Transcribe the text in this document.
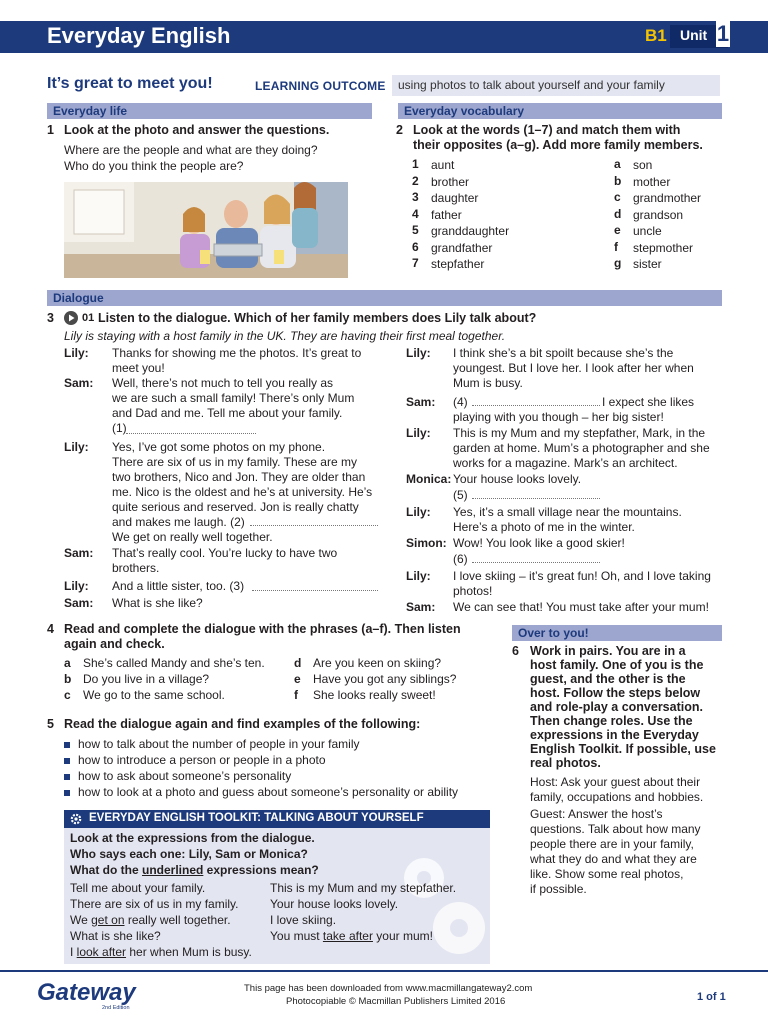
Everyday English	B1 Unit 1
It’s great to meet you!	LEARNING OUTCOME	using photos to talk about yourself and your family
Everyday life	Everyday vocabulary
1 Look at the photo and answer the questions.
Where are the people and what are they doing?
Who do you think the people are?
2 Look at the words (1–7) and match them with
their opposites (a–g). Add more family members.
1 aunt	a son
2 brother	b mother
3 daughter	c grandmother
4 father	d grandson
5 granddaughter	e uncle
6 grandfather	f stepmother
7 stepfather	g sister
Dialogue
3	01 Listen to the dialogue. Which of her family members does Lily talk about?
Lily is staying with a host family in the UK. They are having their first meal together.
Lily: Thanks for showing me the photos. It’s great to
meet you!
Sam: Well, there’s not much to tell you really as
we are such a small family! There’s only Mum
and Dad and me. Tell me about your family.
(1)
Lily: Yes, I’ve got some photos on my phone.
There are six of us in my family. These are my
two brothers, Nico and Jon. They are older than
me. Nico is the oldest and he’s at university. He’s
quite serious and reserved. Jon is really chatty
and makes me laugh. (2)
We get on really well together.
Sam: That’s really cool. You’re lucky to have two
brothers.
Lily: And a little sister, too. (3)
Sam: What is she like?
Lily: I think she’s a bit spoilt because she’s the
youngest. But I love her. I look after her when
Mum is busy.
Sam: (4)	I expect she likes
playing with you though – her big sister!
Lily: This is my Mum and my stepfather, Mark, in the
garden at home. Mum’s a photographer and she
works for a magazine. Mark’s an architect.
Monica: Your house looks lovely.
(5)
Lily: Yes, it’s a small village near the mountains.
Here’s a photo of me in the winter.
Simon: Wow! You look like a good skier!
(6)
Lily: I love skiing – it’s great fun! Oh, and I love taking
photos!
Sam: We can see that! You must take after your mum!
4 Read and complete the dialogue with the phrases (a–f). Then listen
again and check.
a She’s called Mandy and she’s ten.
b Do you live in a village?
c We go to the same school.
d Are you keen on skiing?
e Have you got any siblings?
f She looks really sweet!
5 Read the dialogue again and find examples of the following:
how to talk about the number of people in your family
how to introduce a person or people in a photo
how to ask about someone’s personality
how to look at a photo and guess about someone’s personality or ability
EVERYDAY ENGLISH TOOLKIT: TALKING ABOUT YOURSELF
Look at the expressions from the dialogue.
Who says each one: Lily, Sam or Monica?
What do the underlined expressions mean?
Tell me about your family.
There are six of us in my family.
We get on really well together.
What is she like?
I look after her when Mum is busy.
This is my Mum and my stepfather.
Your house looks lovely.
I love skiing.
You must take after your mum!
Over to you!
6 Work in pairs. You are in a
host family. One of you is the
guest, and the other is the
host. Follow the steps below
and role-play a conversation.
Then change roles. Use the
expressions in the Everyday
English Toolkit. If possible, use
real photos.
Host: Ask your guest about their
family, occupations and hobbies.
Guest: Answer the host’s
questions. Talk about how many
people there are in your family,
what they do and what they are
like. Show some real photos,
if possible.
Gateway
2nd Edition
This page has been downloaded from www.macmillangateway2.com
Photocopiable © Macmillan Publishers Limited 2016	1 of 1
